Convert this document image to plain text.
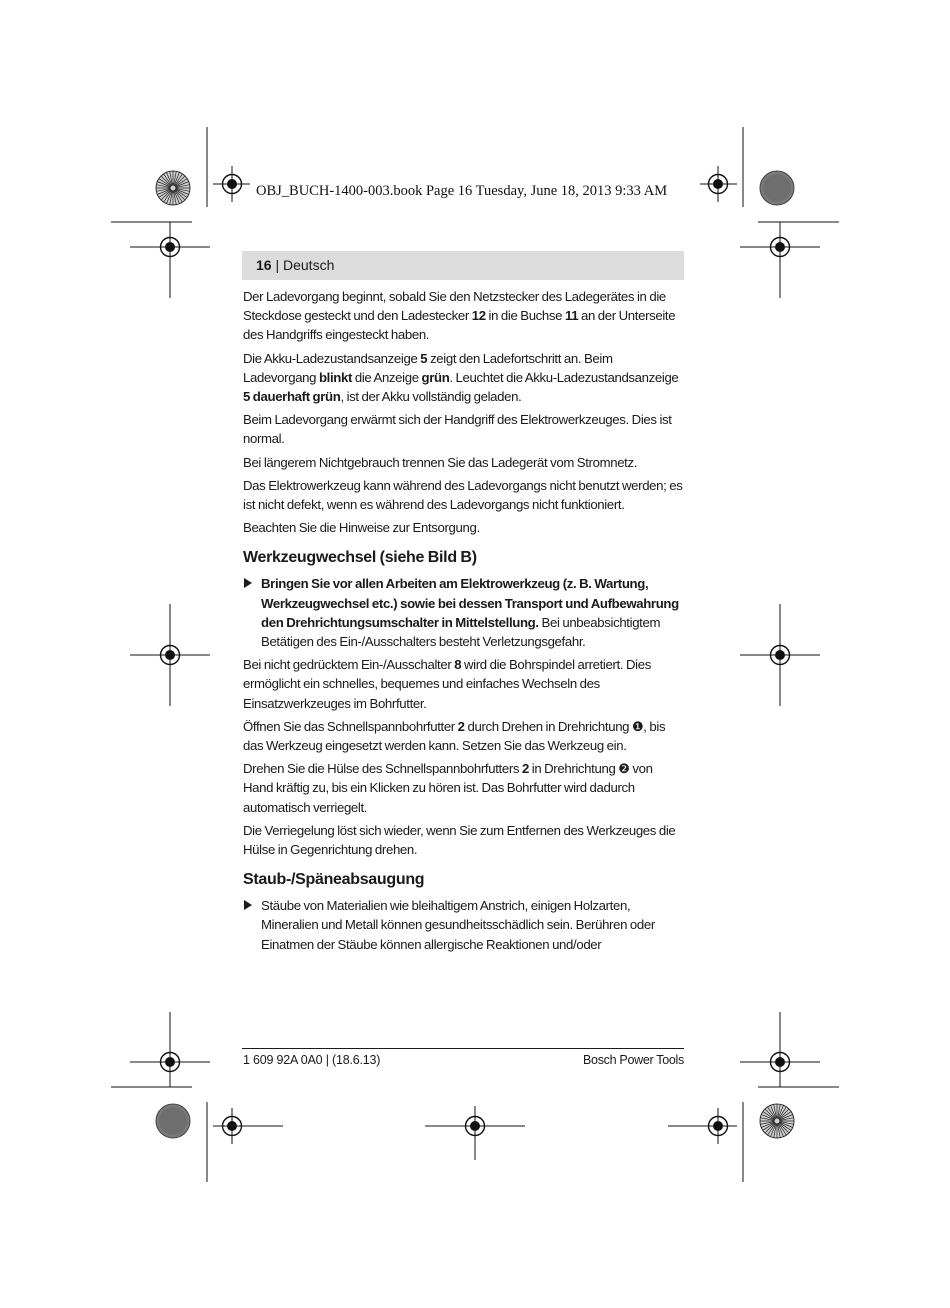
OBJ_BUCH-1400-003.book Page 16 Tuesday, June 18, 2013 9:33 AM
16 | Deutsch

Der Ladevorgang beginnt, sobald Sie den Netzstecker des Ladegerätes in die Steckdose gesteckt und den Ladestecker 12 in die Buchse 11 an der Unterseite des Handgriffs eingesteckt haben.

Die Akku-Ladezustandsanzeige 5 zeigt den Ladefortschritt an. Beim Ladevorgang blinkt die Anzeige grün. Leuchtet die Akku-Ladezustandsanzeige 5 dauerhaft grün, ist der Akku vollständig geladen.

Beim Ladevorgang erwärmt sich der Handgriff des Elektrowerkzeuges. Dies ist normal.

Bei längerem Nichtgebrauch trennen Sie das Ladegerät vom Stromnetz.

Das Elektrowerkzeug kann während des Ladevorgangs nicht benutzt werden; es ist nicht defekt, wenn es während des Ladevorgangs nicht funktioniert.

Beachten Sie die Hinweise zur Entsorgung.

Werkzeugwechsel (siehe Bild B)
Bringen Sie vor allen Arbeiten am Elektrowerkzeug (z. B. Wartung, Werkzeugwechsel etc.) sowie bei dessen Transport und Aufbewahrung den Drehrichtungsumschalter in Mittelstellung. Bei unbeabsichtigtem Betätigen des Ein-/Ausschalters besteht Verletzungsgefahr.

Bei nicht gedrücktem Ein-/Ausschalter 8 wird die Bohrspindel arretiert. Dies ermöglicht ein schnelles, bequemes und einfaches Wechseln des Einsatzwerkzeuges im Bohrfutter.

Öffnen Sie das Schnellspannbohrfutter 2 durch Drehen in Drehrichtung ❶, bis das Werkzeug eingesetzt werden kann. Setzen Sie das Werkzeug ein.

Drehen Sie die Hülse des Schnellspannbohrfutters 2 in Drehrichtung ❷ von Hand kräftig zu, bis ein Klicken zu hören ist. Das Bohrfutter wird dadurch automatisch verriegelt.

Die Verriegelung löst sich wieder, wenn Sie zum Entfernen des Werkzeuges die Hülse in Gegenrichtung drehen.

Staub-/Späneabsaugung
Stäube von Materialien wie bleihaltigem Anstrich, einigen Holzarten, Mineralien und Metall können gesundheitsschädlich sein. Berühren oder Einatmen der Stäube können allergische Reaktionen und/oder
1 609 92A 0A0 | (18.6.13)	Bosch Power Tools
